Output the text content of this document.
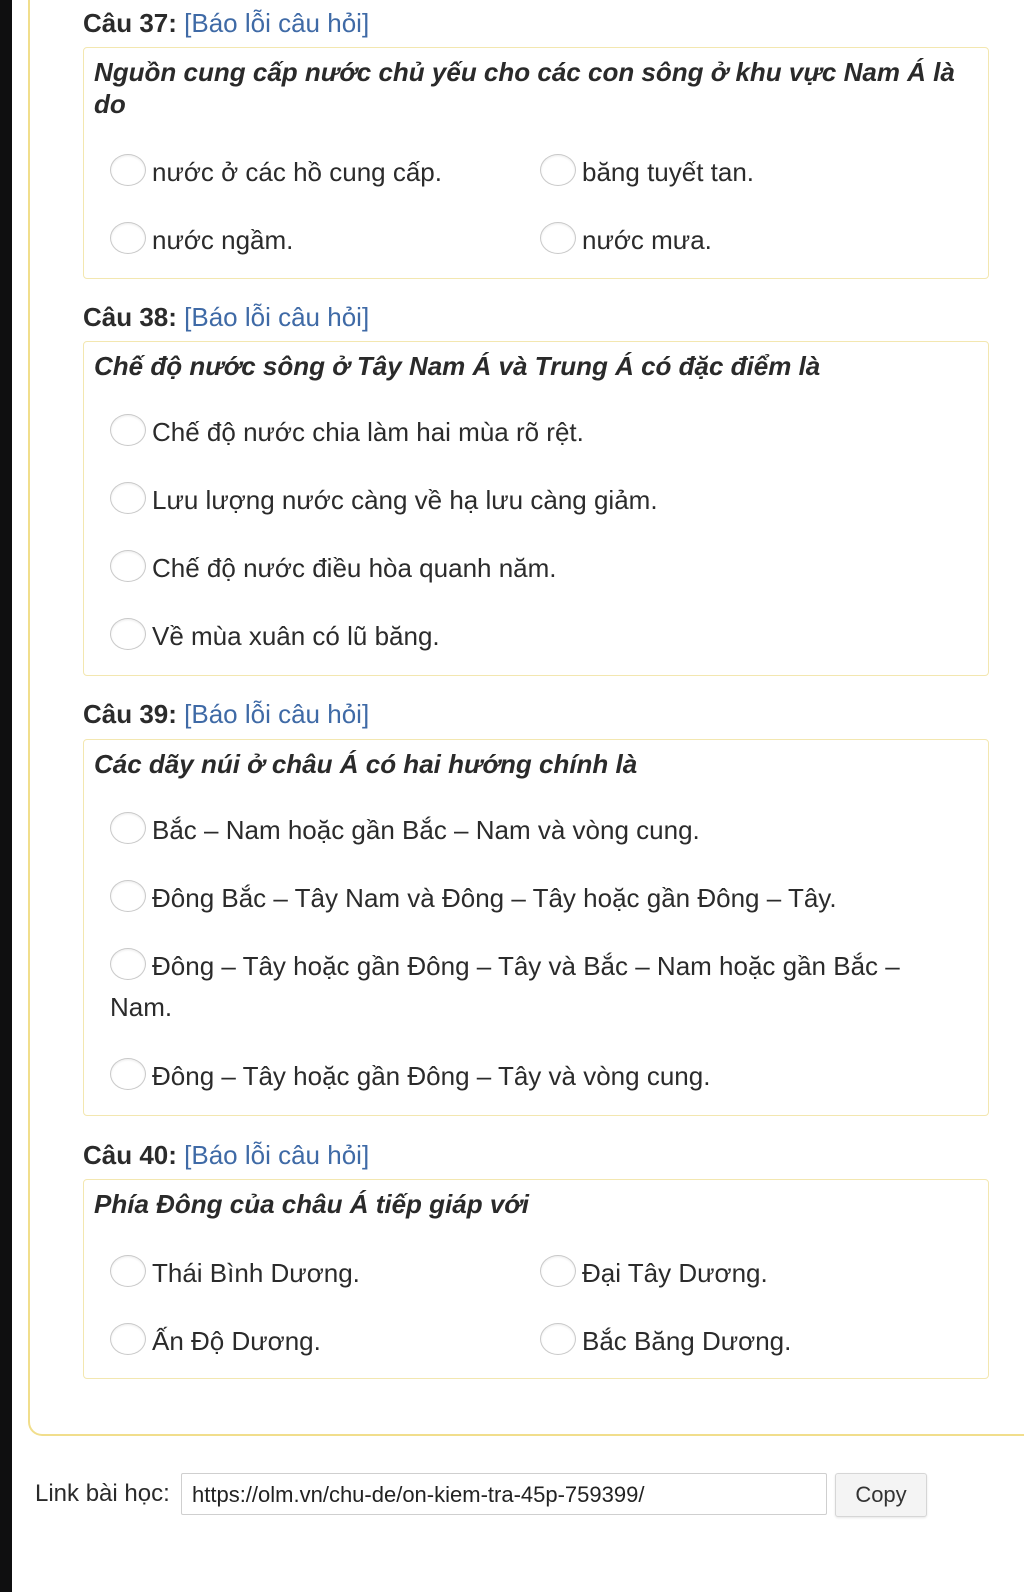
Câu 37: [Báo lỗi câu hỏi]
Nguồn cung cấp nước chủ yếu cho các con sông ở khu vực Nam Á là do
nước ở các hồ cung cấp.	băng tuyết tan.
nước ngầm.	nước mưa.
Câu 38: [Báo lỗi câu hỏi]
Chế độ nước sông ở Tây Nam Á và Trung Á có đặc điểm là
Chế độ nước chia làm hai mùa rõ rệt.
Lưu lượng nước càng về hạ lưu càng giảm.
Chế độ nước điều hòa quanh năm.
Về mùa xuân có lũ băng.
Câu 39: [Báo lỗi câu hỏi]
Các dãy núi ở châu Á có hai hướng chính là
Bắc – Nam hoặc gần Bắc – Nam và vòng cung.
Đông Bắc – Tây Nam và Đông – Tây hoặc gần Đông – Tây.
Đông – Tây hoặc gần Đông – Tây và Bắc – Nam hoặc gần Bắc – Nam.
Đông – Tây hoặc gần Đông – Tây và vòng cung.
Câu 40: [Báo lỗi câu hỏi]
Phía Đông của châu Á tiếp giáp với
Thái Bình Dương.	Đại Tây Dương.
Ấn Độ Dương.	Bắc Băng Dương.
Link bài học:	https://olm.vn/chu-de/on-kiem-tra-45p-759399/	Copy
